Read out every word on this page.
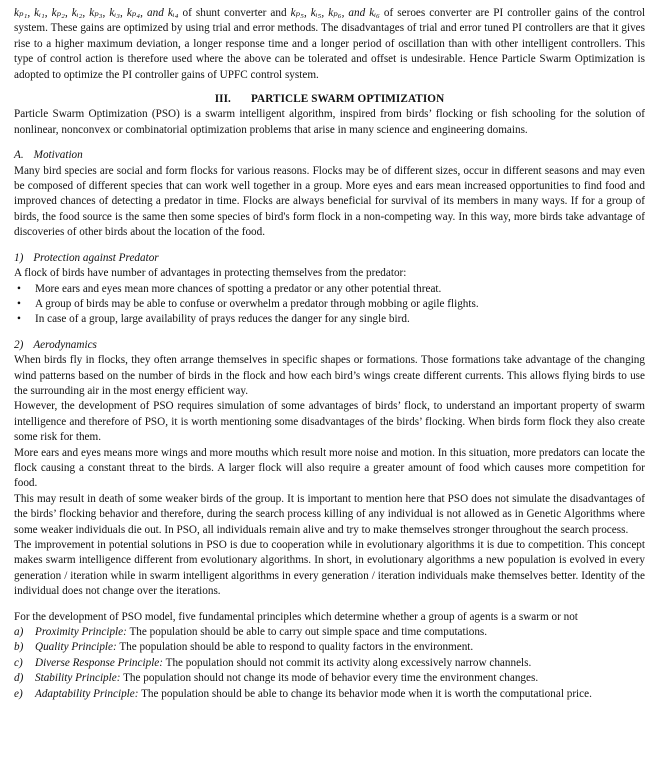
kₚ₁, kᵢ₁, kₚ₂, kᵢ₂, kₚ₃, kᵢ₃, kₚ₄, and kᵢ₄ of shunt converter and kₚ₅, kᵢ₅, kₚ₆, and kᵢ₆ of seroes converter are PI controller gains of the control system. These gains are optimized by using trial and error methods. The disadvantages of trial and error tuned PI controllers are that it gives rise to a higher maximum deviation, a longer response time and a longer period of oscillation than with other intelligent controllers. This type of control action is therefore used where the above can be tolerated and offset is undesirable. Hence Particle Swarm Optimization is adopted to optimize the PI controller gains of UPFC control system.

III. PARTICLE SWARM OPTIMIZATION

Particle Swarm Optimization (PSO) is a swarm intelligent algorithm, inspired from birds’ flocking or fish schooling for the solution of nonlinear, nonconvex or combinatorial optimization problems that arise in many science and engineering domains.

A. Motivation

Many bird species are social and form flocks for various reasons. Flocks may be of different sizes, occur in different seasons and may even be composed of different species that can work well together in a group. More eyes and ears mean increased opportunities to find food and improved chances of detecting a predator in time. Flocks are always beneficial for survival of its members in many ways. If for a group of birds, the food source is the same then some species of bird's form flock in a non-competing way. In this way, more birds take advantage of discoveries of other birds about the location of the food.

1) Protection against Predator

A flock of birds have number of advantages in protecting themselves from the predator:

• More ears and eyes mean more chances of spotting a predator or any other potential threat.
• A group of birds may be able to confuse or overwhelm a predator through mobbing or agile flights.
• In case of a group, large availability of prays reduces the danger for any single bird.
2) Aerodynamics

When birds fly in flocks, they often arrange themselves in specific shapes or formations. Those formations take advantage of the changing wind patterns based on the number of birds in the flock and how each bird’s wings create different currents. This allows flying birds to use the surrounding air in the most energy efficient way.

However, the development of PSO requires simulation of some advantages of birds’ flock, to understand an important property of swarm intelligence and therefore of PSO, it is worth mentioning some disadvantages of the birds’ flocking. When birds form flock they also create some risk for them.

More ears and eyes means more wings and more mouths which result more noise and motion. In this situation, more predators can locate the flock causing a constant threat to the birds. A larger flock will also require a greater amount of food which causes more competition for food.

This may result in death of some weaker birds of the group. It is important to mention here that PSO does not simulate the disadvantages of the birds’ flocking behavior and therefore, during the search process killing of any individual is not allowed as in Genetic Algorithms where some weaker individuals die out. In PSO, all individuals remain alive and try to make themselves stronger throughout the search process.

The improvement in potential solutions in PSO is due to cooperation while in evolutionary algorithms it is due to competition. This concept makes swarm intelligence different from evolutionary algorithms. In short, in evolutionary algorithms a new population is evolved in every generation / iteration while in swarm intelligent algorithms in every generation / iteration individuals make themselves better. Identity of the individual does not change over the iterations.

For the development of PSO model, five fundamental principles which determine whether a group of agents is a swarm or not

a) Proximity Principle: The population should be able to carry out simple space and time computations.
b) Quality Principle: The population should be able to respond to quality factors in the environment.
c) Diverse Response Principle: The population should not commit its activity along excessively narrow channels.
d) Stability Principle: The population should not change its mode of behavior every time the environment changes.
e) Adaptability Principle: The population should be able to change its behavior mode when it is worth the computational price.
